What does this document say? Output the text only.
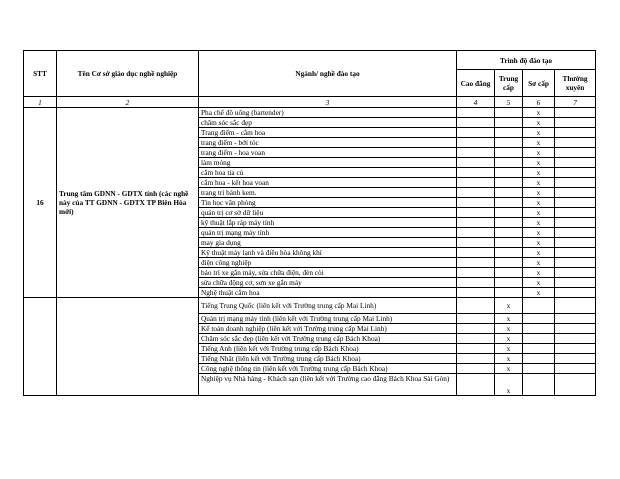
STT	Tên Cơ sở giáo dục nghề nghiệp	Ngành/ nghề đào tạo	Trình độ đào tạo			
			Cao đẳng	Trung cấp	Sơ cấp	Thường xuyên
1	2	3	4	5	6	7
16	Trung tâm GDNN - GDTX tỉnh (các nghề này của TT GDNN - GDTX TP Biên Hòa mới)	Pha chế đồ uống (bartender)			x	
		chăm sóc sắc đẹp			x	
		Trang điểm - cắm hoa			x	
		trang điểm - bới tóc			x	
		trang điểm - hoa voan			x	
		làm móng			x	
		cắm hoa tỉa củ			x	
		cắm hoa - kết hoa voan			x	
		trang trí bánh kem.			x	
		Tin học văn phòng			x	
		quản trị cơ sở dữ liệu			x	
		kỹ thuật lắp ráp máy tính			x	
		quản trị mạng máy tính			x	
		may gia dụng			x	
		Kỹ thuật máy lạnh và điều hòa không khí			x	
		điện công nghiệp			x	
		bảo trì xe gắn máy, sửa chữa điện, đèn còi			x	
		sửa chữa động cơ, sơn xe gắn máy			x	
		Nghệ thuật cắm hoa			x	
		Tiếng Trung Quốc (liên kết với Trường trung cấp Mai Linh)		x		
		Quản trị mạng máy tính (liên kết với Trường trung cấp Mai Linh)		x		
		Kế toán doanh nghiệp (liên kết với Trường trung cấp Mai Linh)		x		
		Chăm sóc sắc đẹp (liên kết với Trường trung cấp Bách Khoa)		x		
		Tiếng Anh (liên kết với Trường trung cấp Bách Khoa)		x		
		Tiếng Nhật (liên kết với Trường trung cấp Bách Khoa)		x		
		Công nghệ thông tin (liên kết với Trường trung cấp Bách Khoa)		x		
		Nghiệp vụ Nhà hàng - Khách sạn (liên kết với Trường cao đẳng Bách Khoa Sài Gòn)		x		
